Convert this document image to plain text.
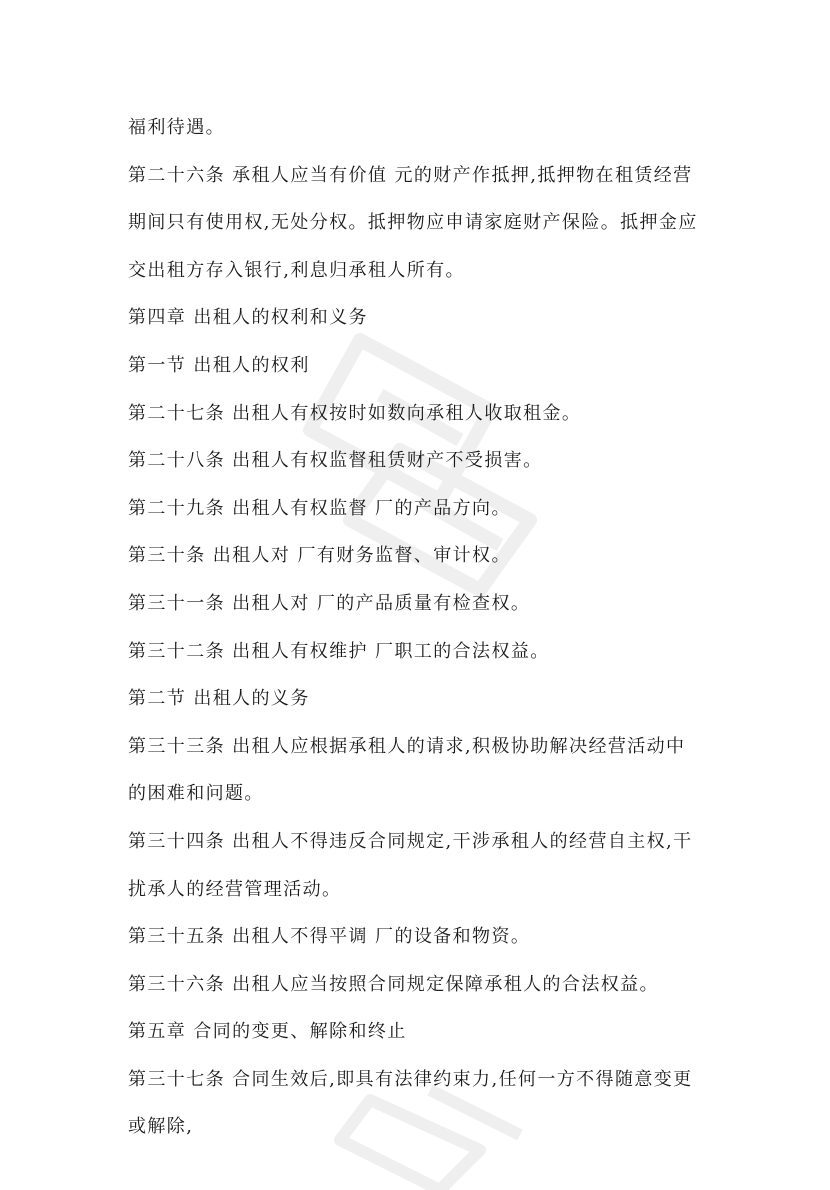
福利待遇。
第二十六条 承租人应当有价值 元的财产作抵押,抵押物在租赁经营
期间只有使用权,无处分权。抵押物应申请家庭财产保险。抵押金应
交出租方存入银行,利息归承租人所有。
第四章 出租人的权利和义务
第一节 出租人的权利
第二十七条 出租人有权按时如数向承租人收取租金。
第二十八条 出租人有权监督租赁财产不受损害。
第二十九条 出租人有权监督 厂的产品方向。
第三十条 出租人对 厂有财务监督、审计权。
第三十一条 出租人对 厂的产品质量有检查权。
第三十二条 出租人有权维护 厂职工的合法权益。
第二节 出租人的义务
第三十三条 出租人应根据承租人的请求,积极协助解决经营活动中
的困难和问题。
第三十四条 出租人不得违反合同规定,干涉承租人的经营自主权,干
扰承人的经营管理活动。
第三十五条 出租人不得平调 厂的设备和物资。
第三十六条 出租人应当按照合同规定保障承租人的合法权益。
第五章 合同的变更、解除和终止
第三十七条 合同生效后,即具有法律约束力,任何一方不得随意变更
或解除,
